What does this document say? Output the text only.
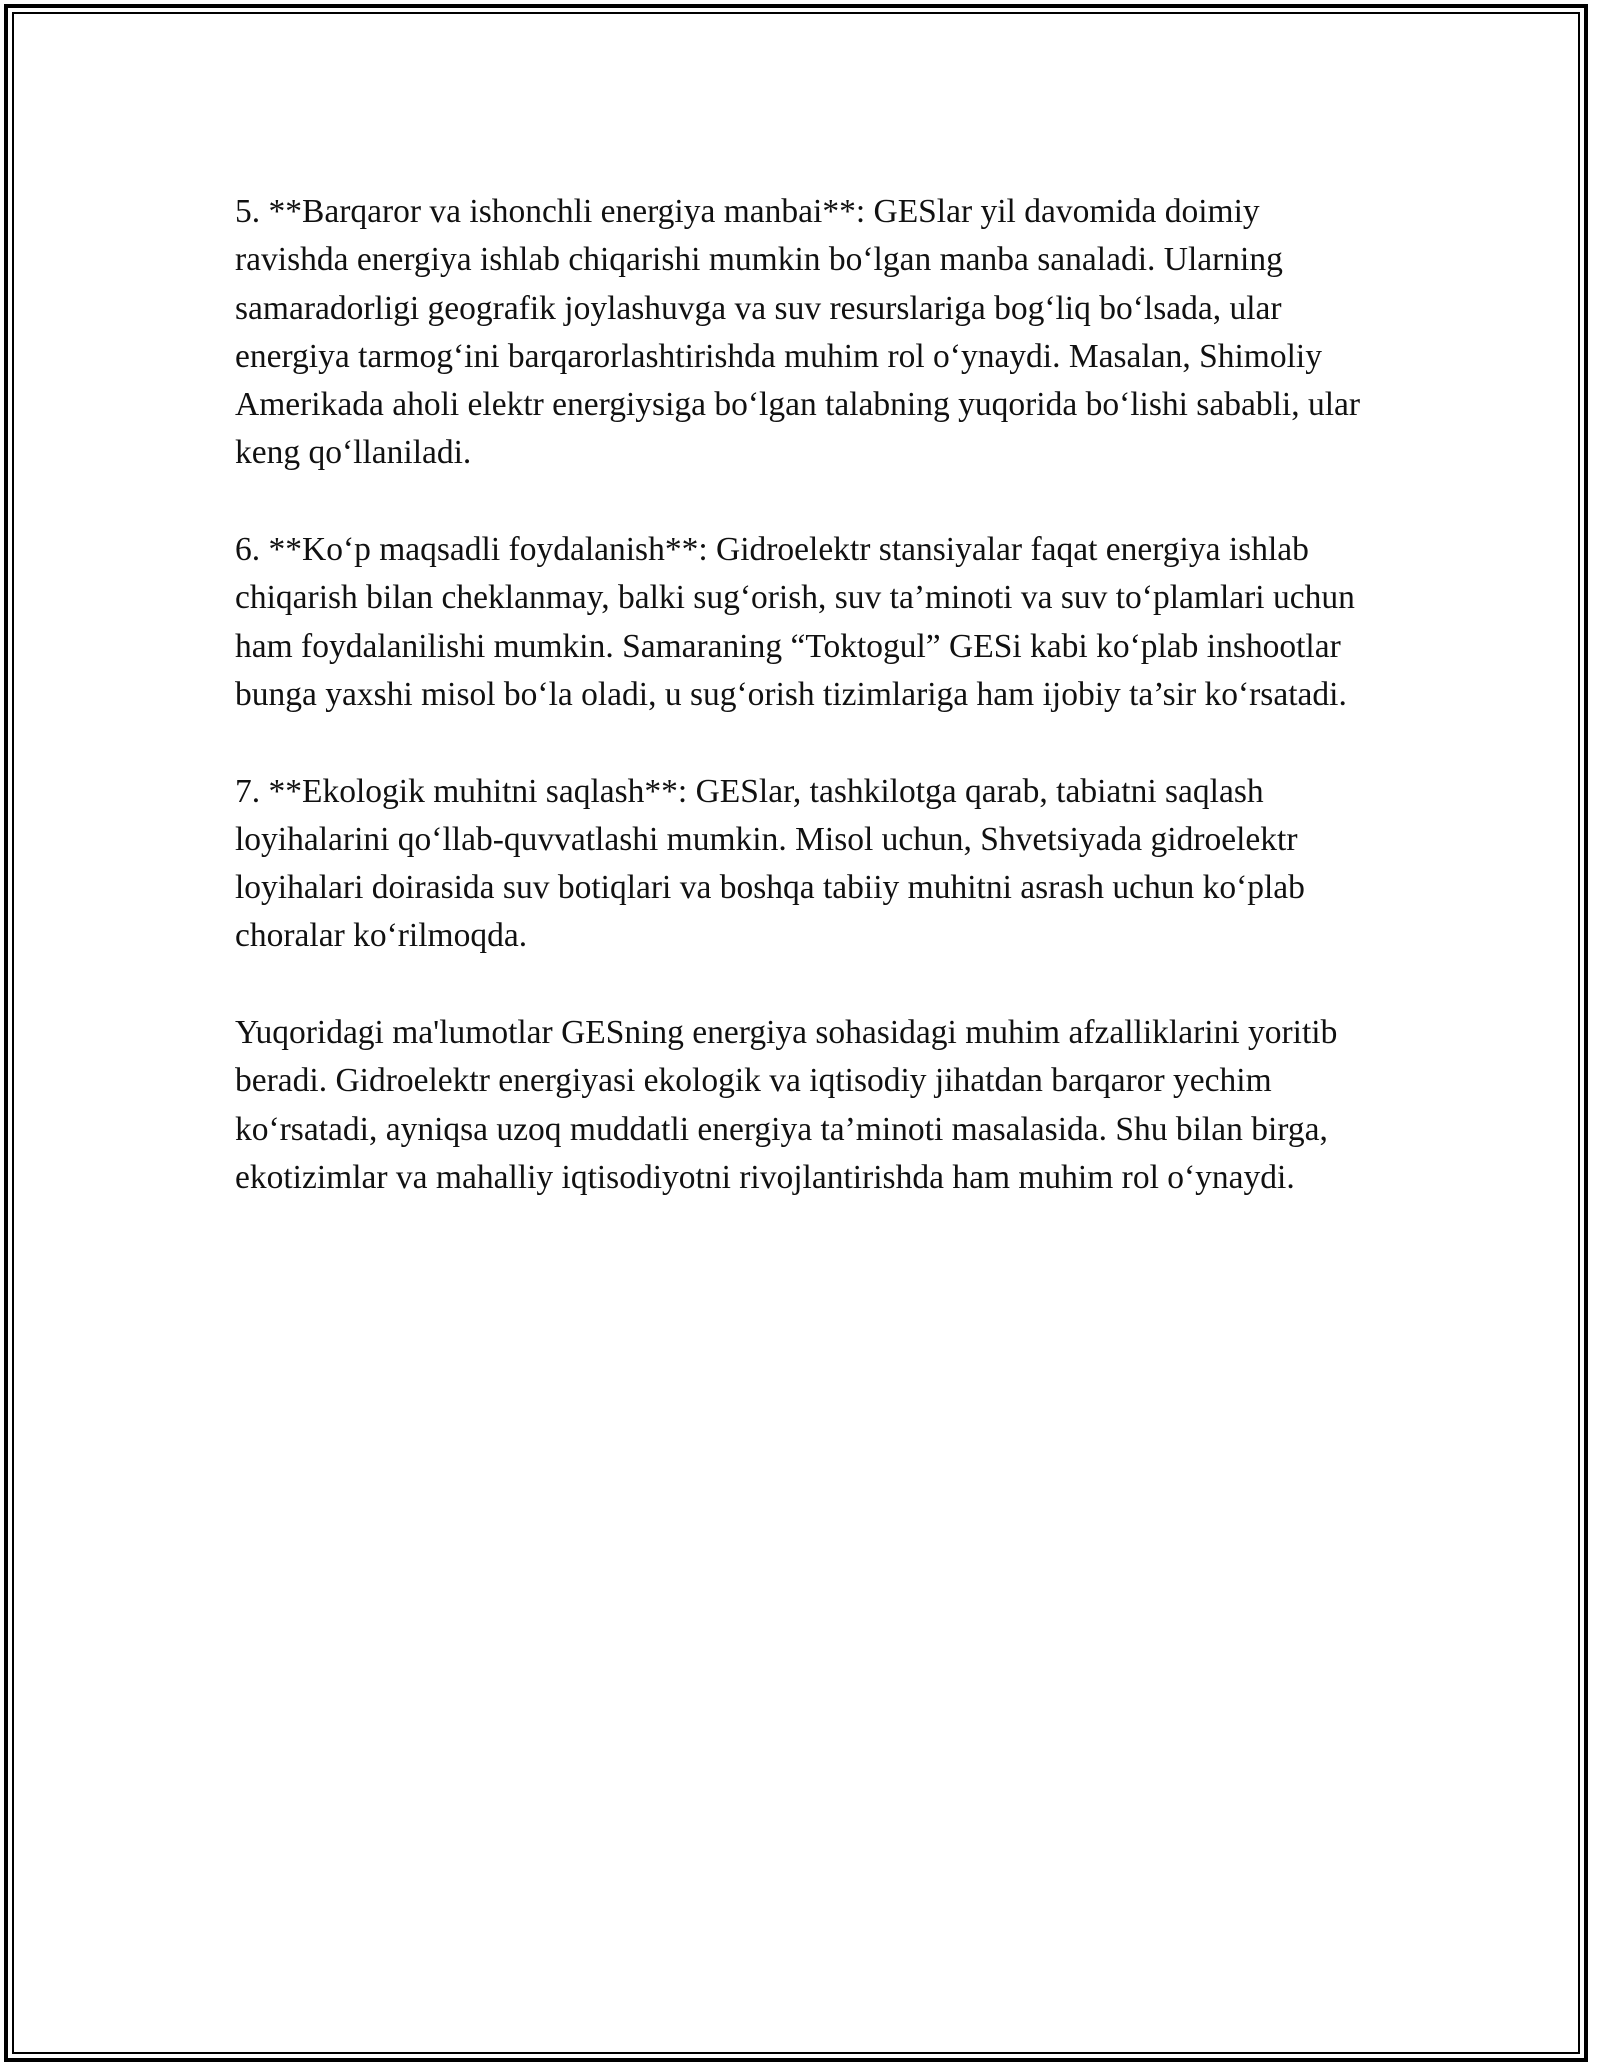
5. **Barqaror va ishonchli energiya manbai**: GESlar yil davomida doimiy ravishda energiya ishlab chiqarishi mumkin bo‘lgan manba sanaladi. Ularning samaradorligi geografik joylashuvga va suv resurslariga bog‘liq bo‘lsada, ular energiya tarmog‘ini barqarorlashtirishda muhim rol o‘ynaydi. Masalan, Shimoliy Amerikada aholi elektr energiysiga bo‘lgan talabning yuqorida bo‘lishi sababli, ular keng qo‘llaniladi.

6. **Ko‘p maqsadli foydalanish**: Gidroelektr stansiyalar faqat energiya ishlab chiqarish bilan cheklanmay, balki sug‘orish, suv ta’minoti va suv to‘plamlari uchun ham foydalanilishi mumkin. Samaraning “Toktogul” GESi kabi ko‘plab inshootlar bunga yaxshi misol bo‘la oladi, u sug‘orish tizimlariga ham ijobiy ta’sir ko‘rsatadi.

7. **Ekologik muhitni saqlash**: GESlar, tashkilotga qarab, tabiatni saqlash loyihalarini qo‘llab-quvvatlashi mumkin. Misol uchun, Shvetsiyada gidroelektr loyihalari doirasida suv botiqlari va boshqa tabiiy muhitni asrash uchun ko‘plab choralar ko‘rilmoqda.

Yuqoridagi ma'lumotlar GESning energiya sohasidagi muhim afzalliklarini yoritib beradi. Gidroelektr energiyasi ekologik va iqtisodiy jihatdan barqaror yechim ko‘rsatadi, ayniqsa uzoq muddatli energiya ta’minoti masalasida. Shu bilan birga, ekotizimlar va mahalliy iqtisodiyotni rivojlantirishda ham muhim rol o‘ynaydi.
